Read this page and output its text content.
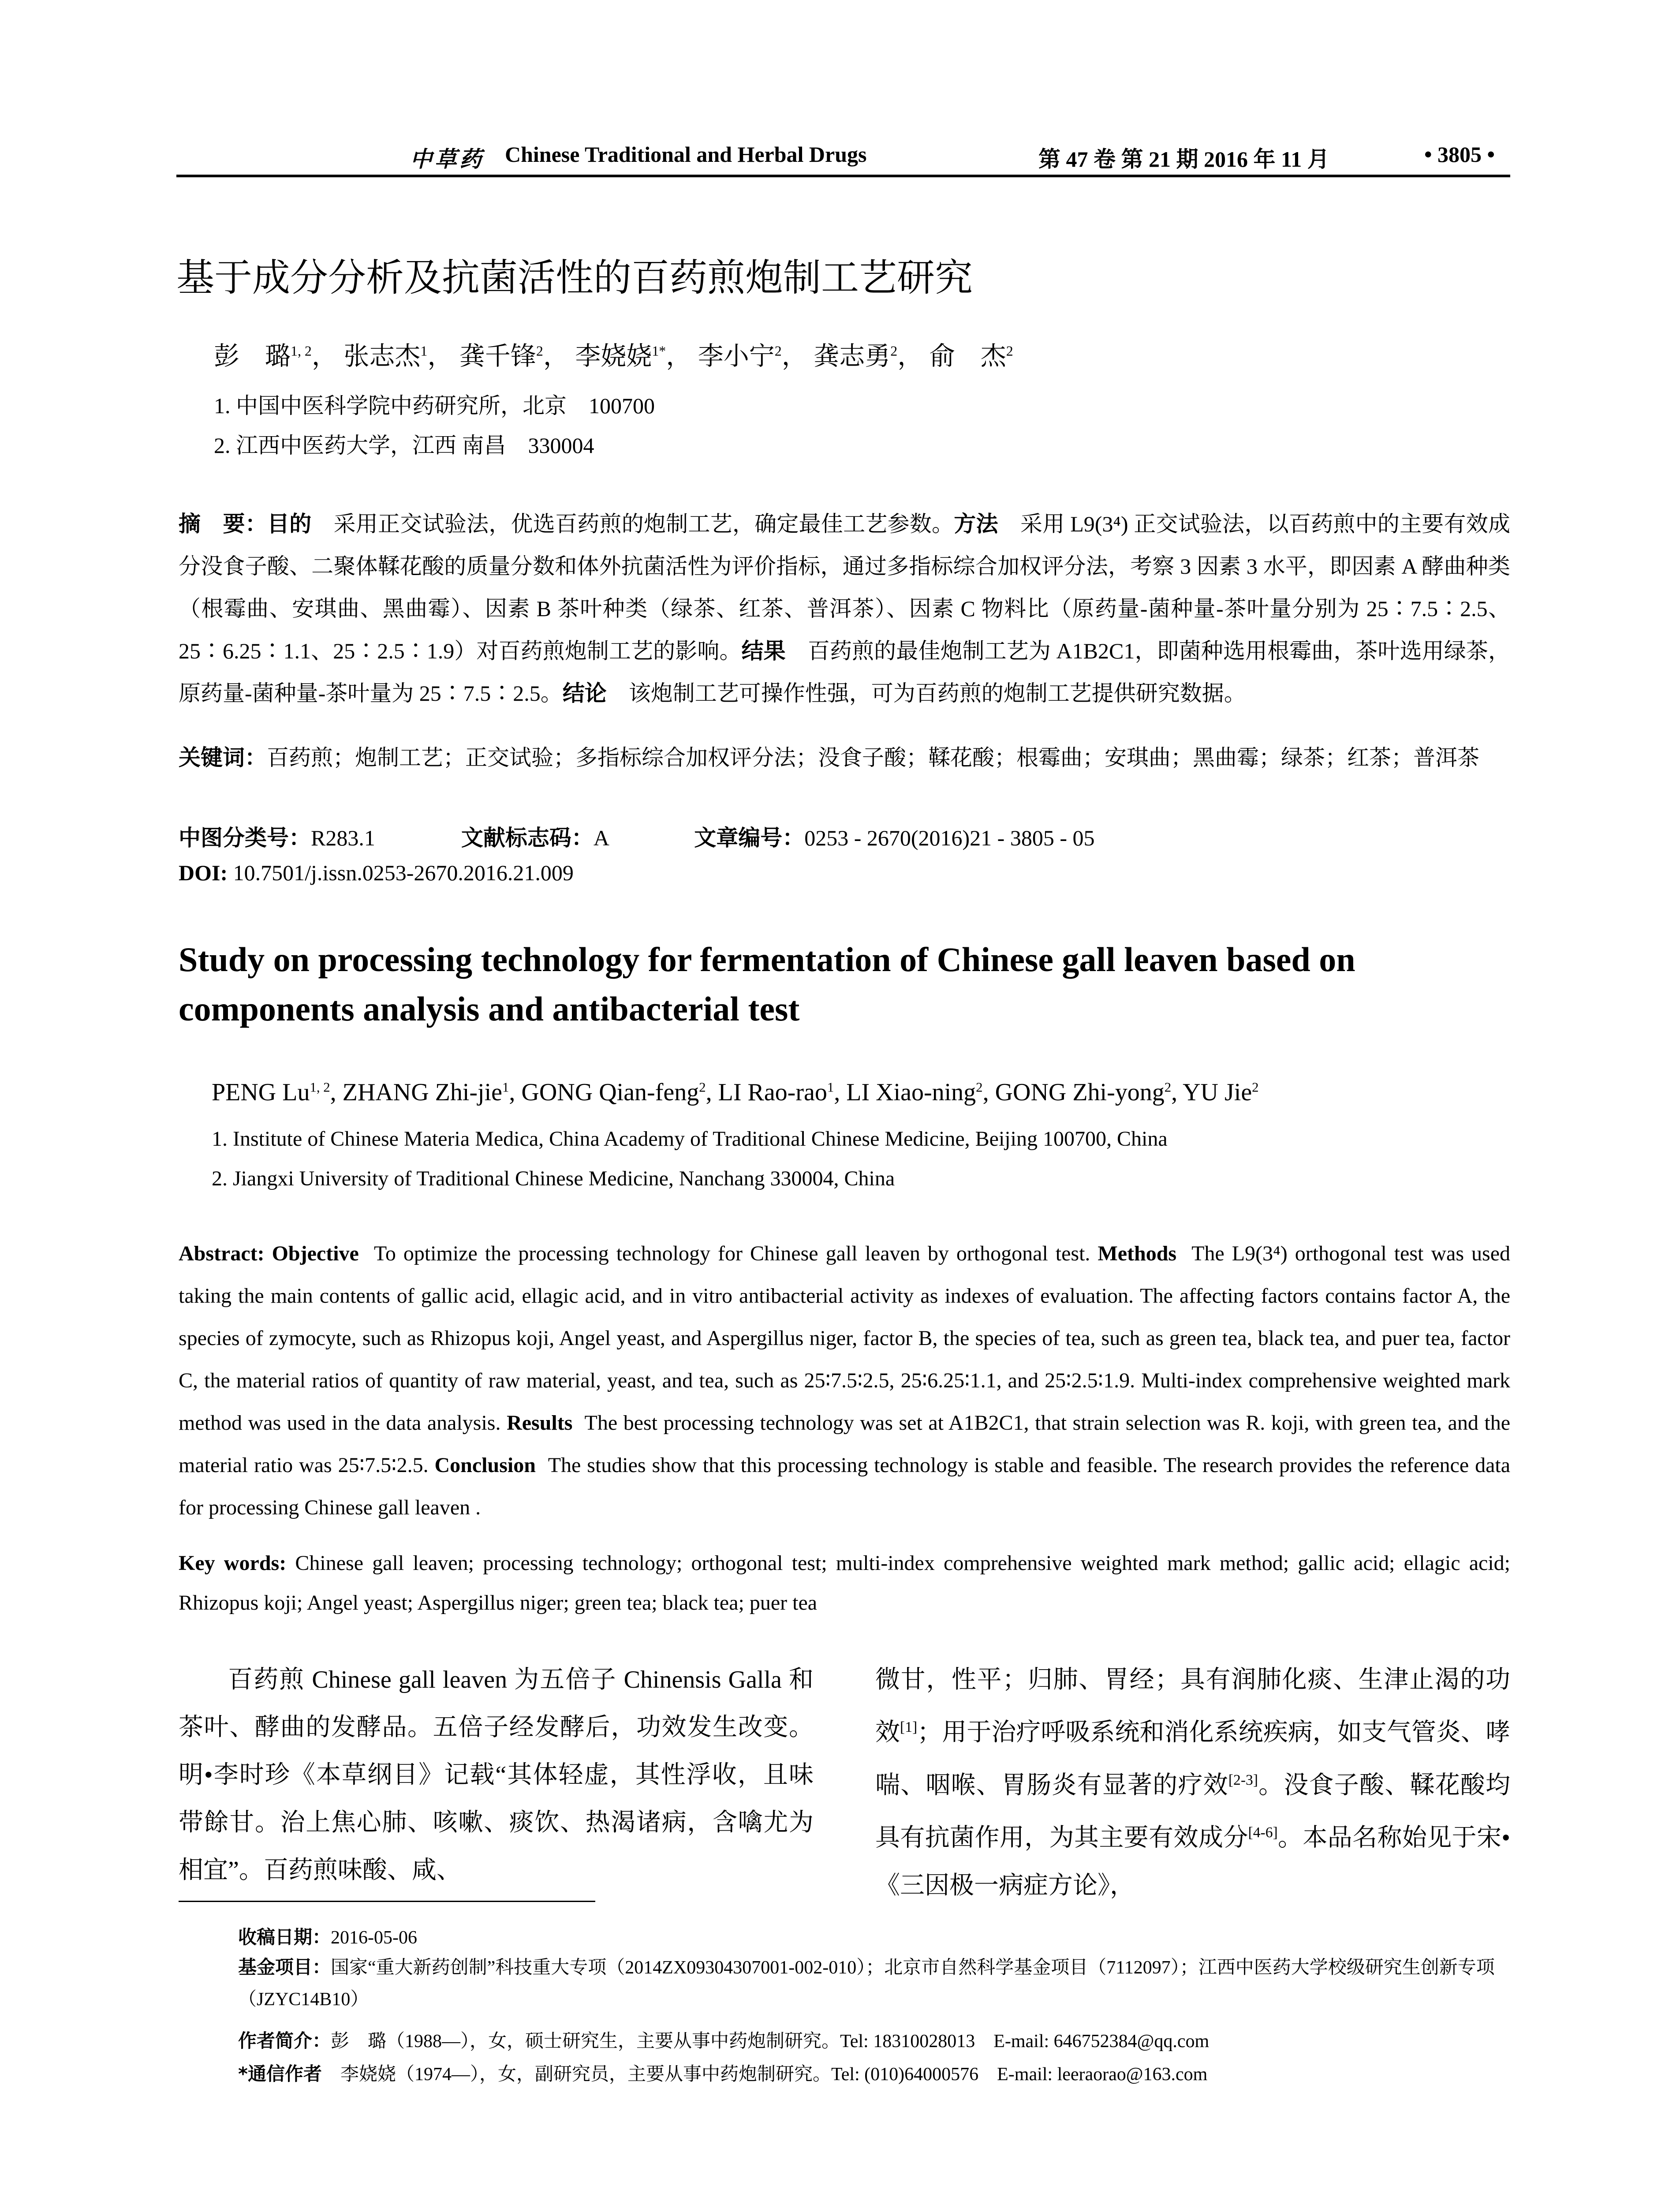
中草药 Chinese Traditional and Herbal Drugs	第 47 卷 第 21 期 2016 年 11 月	• 3805 •
基于成分分析及抗菌活性的百药煎炮制工艺研究
彭　璐$^{1, 2}$， 张志杰$^1$， 龚千锋$^2$， 李娆娆$^{1*}$， 李小宁$^2$， 龚志勇$^2$， 俞　杰$^2$
1. 中国中医科学院中药研究所，北京　100700
2. 江西中医药大学，江西 南昌　330004
摘　要：目的　采用正交试验法，优选百药煎的炮制工艺，确定最佳工艺参数。方法　采用 L9(3⁴) 正交试验法，以百药煎中的主要有效成分没食子酸、二聚体鞣花酸的质量分数和体外抗菌活性为评价指标，通过多指标综合加权评分法，考察 3 因素 3 水平，即因素 A 酵曲种类（根霉曲、安琪曲、黑曲霉）、因素 B 茶叶种类（绿茶、红茶、普洱茶）、因素 C 物料比（原药量-菌种量-茶叶量分别为 25∶7.5∶2.5、25∶6.25∶1.1、25∶2.5∶1.9）对百药煎炮制工艺的影响。结果　百药煎的最佳炮制工艺为 A1B2C1，即菌种选用根霉曲，茶叶选用绿茶，原药量-菌种量-茶叶量为 25∶7.5∶2.5。结论　该炮制工艺可操作性强，可为百药煎的炮制工艺提供研究数据。
关键词：百药煎；炮制工艺；正交试验；多指标综合加权评分法；没食子酸；鞣花酸；根霉曲；安琪曲；黑曲霉；绿茶；红茶；普洱茶
中图分类号：R283.1	文献标志码：A	文章编号：0253 - 2670(2016)21 - 3805 - 05
DOI: 10.7501/j.issn.0253-2670.2016.21.009
Study on processing technology for fermentation of Chinese gall leaven based on components analysis and antibacterial test
PENG Lu$^{1, 2}$, ZHANG Zhi-jie$^1$, GONG Qian-feng$^2$, LI Rao-rao$^1$, LI Xiao-ning$^2$, GONG Zhi-yong$^2$, YU Jie$^2$
1. Institute of Chinese Materia Medica, China Academy of Traditional Chinese Medicine, Beijing 100700, China
2. Jiangxi University of Traditional Chinese Medicine, Nanchang 330004, China
Abstract: Objective To optimize the processing technology for Chinese gall leaven by orthogonal test. Methods The L9(3⁴) orthogonal test was used taking the main contents of gallic acid, ellagic acid, and in vitro antibacterial activity as indexes of evaluation. The affecting factors contains factor A, the species of zymocyte, such as Rhizopus koji, Angel yeast, and Aspergillus niger, factor B, the species of tea, such as green tea, black tea, and puer tea, factor C, the material ratios of quantity of raw material, yeast, and tea, such as 25∶7.5∶2.5, 25∶6.25∶1.1, and 25∶2.5∶1.9. Multi-index comprehensive weighted mark method was used in the data analysis. Results The best processing technology was set at A1B2C1, that strain selection was R. koji, with green tea, and the material ratio was 25∶7.5∶2.5. Conclusion The studies show that this processing technology is stable and feasible. The research provides the reference data for processing Chinese gall leaven .
Key words: Chinese gall leaven; processing technology; orthogonal test; multi-index comprehensive weighted mark method; gallic acid; ellagic acid; Rhizopus koji; Angel yeast; Aspergillus niger; green tea; black tea; puer tea

百药煎 Chinese gall leaven 为五倍子 Chinensis Galla 和茶叶、酵曲的发酵品。五倍子经发酵后，功效发生改变。明•李时珍《本草纲目》记载“其体轻虚，其性浮收，且味带餘甘。治上焦心肺、咳嗽、痰饮、热渴诸病，含噙尤为相宜”。百药煎味酸、咸、

微甘，性平；归肺、胃经；具有润肺化痰、生津止渴的功效[1]；用于治疗呼吸系统和消化系统疾病，如支气管炎、哮喘、咽喉、胃肠炎有显著的疗效[2-3]。没食子酸、鞣花酸均具有抗菌作用，为其主要有效成分[4-6]。本品名称始见于宋•《三因极一病症方论》，

收稿日期：2016-05-06
基金项目：国家“重大新药创制”科技重大专项（2014ZX09304307001-002-010）；北京市自然科学基金项目（7112097）；江西中医药大学校级研究生创新专项（JZYC14B10）
作者简介：彭　璐（1988—），女，硕士研究生，主要从事中药炮制研究。Tel: 18310028013　E-mail: 646752384@qq.com
*通信作者　李娆娆（1974—），女，副研究员，主要从事中药炮制研究。Tel: (010)64000576　E-mail: leeraorao@163.com
